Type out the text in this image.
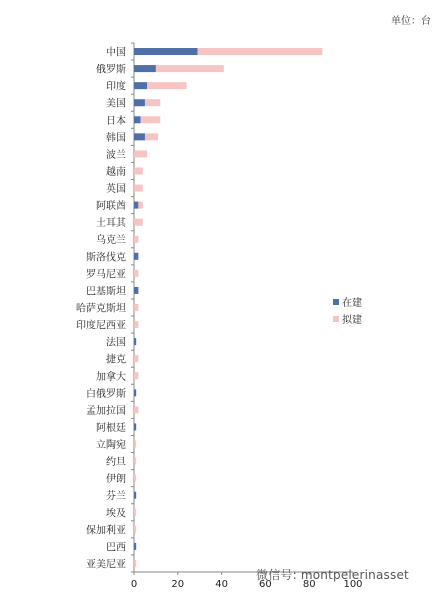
单位：台
中国
俄罗斯
印度
美国
日本
韩国
波兰
越南
英国
阿联酋
土耳其
乌克兰
斯洛伐克
罗马尼亚
巴基斯坦
哈萨克斯坦
印度尼西亚
法国
捷克
加拿大
白俄罗斯
孟加拉国
阿根廷
立陶宛
约旦
伊朗
芬兰
埃及
保加利亚
巴西
亚美尼亚
0	20	40	60	80	100
在建
拟建
微信号: montpelerinasset
